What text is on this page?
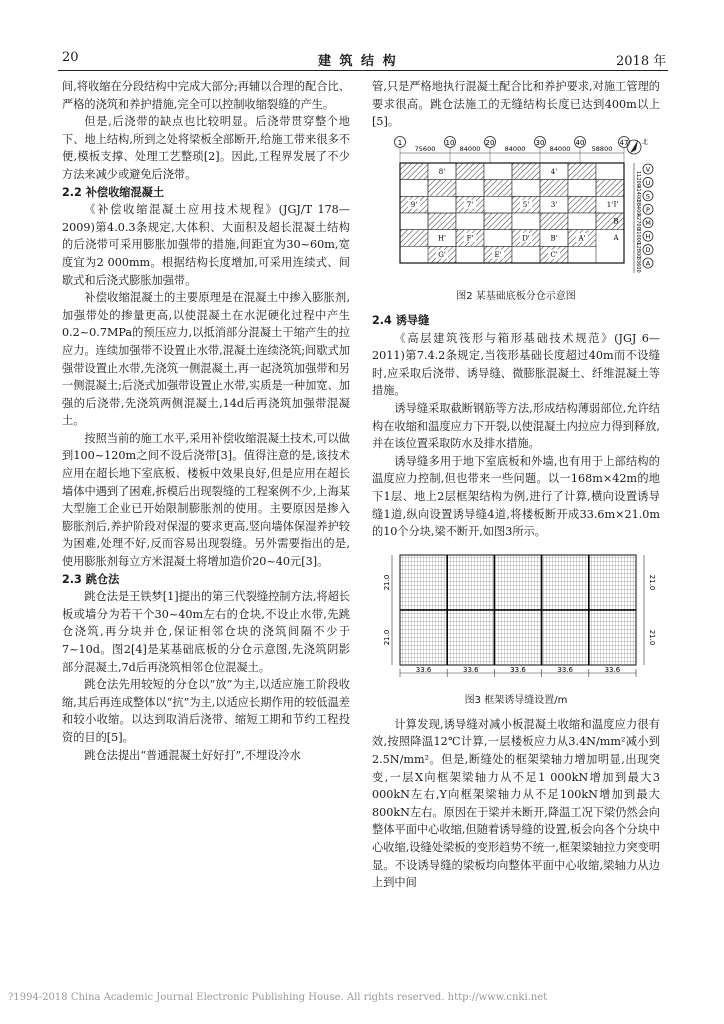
20	建 筑 结 构	2018 年

间,将收缩在分段结构中完成大部分;再辅以合理的配合比、严格的浇筑和养护措施,完全可以控制收缩裂缝的产生。

但是,后浇带的缺点也比较明显。后浇带贯穿整个地下、地上结构,所到之处将梁板全部断开,给施工带来很多不便,模板支撑、处理工艺整琐[2]。因此,工程界发展了不少方法来减少或避免后浇带。

2.2 补偿收缩混凝土

《补偿收缩混凝土应用技术规程》(JGJ/T 178—2009)第4.0.3条规定,大体积、大面积及超长混凝土结构的后浇带可采用膨胀加强带的措施,间距宜为30~60m,宽度宜为2 000mm。根据结构长度增加,可采用连续式、间歇式和后浇式膨胀加强带。

补偿收缩混凝土的主要原理是在混凝土中掺入膨胀剂,加强带处的掺量更高,以使混凝土在水泥硬化过程中产生0.2~0.7MPa的预压应力,以抵消部分混凝土干缩产生的拉应力。连续加强带不设置止水带,混凝土连续浇筑;间歇式加强带设置止水带,先浇筑一侧混凝土,再一起浇筑加强带和另一侧混凝土;后浇式加强带设置止水带,实质是一种加宽、加强的后浇带,先浇筑两侧混凝土,14d后再浇筑加强带混凝土。

按照当前的施工水平,采用补偿收缩混凝土技术,可以做到100~120m之间不设后浇带[3]。值得注意的是,该技术应用在超长地下室底板、楼板中效果良好,但是应用在超长墙体中遇到了困难,拆模后出现裂缝的工程案例不少,上海某大型施工企业已开始限制膨胀剂的使用。主要原因是掺入膨胀剂后,养护阶段对保湿的要求更高,竖向墙体保湿养护较为困难,处理不好,反而容易出现裂缝。另外需要指出的是,使用膨胀剂每立方米混凝土将增加造价20~40元[3]。

2.3 跳仓法

跳仓法是王铁梦[1]提出的第三代裂缝控制方法,将超长板或墙分为若干个30~40m左右的仓块,不设止水带,先跳仓浇筑,再分块并仓,保证相邻仓块的浇筑间隔不少于7~10d。图2[4]是某基础底板的分仓示意图,先浇筑阴影部分混凝土,7d后再浇筑相邻仓位混凝土。

跳仓法先用较短的分仓以“放”为主,以适应施工阶段收缩,其后再连成整体以“抗”为主,以适应长期作用的较低温差和较小收缩。以达到取消后浇带、缩短工期和节约工程投资的目的[5]。

跳仓法提出“普通混凝土好好打”,不埋设冷水

管,只是严格地执行混凝土配合比和养护要求,对施工管理的要求很高。跳仓法施工的无缝结构长度已达到400m以上[5]。

1	10	20	30	40	47
75600	84000	84000	84000	58800
8'	4'
9'	7'	5'	3'	1'
H'	F'	D'	B'	A'
G'	E'	C'
I'
B
A
V
U
S
P
M
H
D
A
11200
41400
38400
42700
31000
12800
33600
北
图2 某基础底板分仓示意图
2.4 诱导缝

《高层建筑筏形与箱形基础技术规范》(JGJ 6—2011)第7.4.2条规定,当筏形基础长度超过40m而不设缝时,应采取后浇带、诱导缝、微膨胀混凝土、纤维混凝土等措施。

诱导缝采取截断钢筋等方法,形成结构薄弱部位,允许结构在收缩和温度应力下开裂,以使混凝土内拉应力得到释放,并在该位置采取防水及排水措施。

诱导缝多用于地下室底板和外墙,也有用于上部结构的温度应力控制,但也带来一些问题。以一168m×42m的地下1层、地上2层框架结构为例,进行了计算,横向设置诱导缝1道,纵向设置诱导缝4道,将楼板断开成33.6m×21.0m的10个分块,梁不断开,如图3所示。

33.6	33.6	33.6	33.6	33.6
21.0
21.0
21.0
21.0
图3 框架诱导缝设置/m

计算发现,诱导缝对减小板混凝土收缩和温度应力很有效,按照降温12℃计算,一层楼板应力从3.4N/mm²减小到2.5N/mm²。但是,断缝处的框架梁轴力增加明显,出现突变,一层X向框架梁轴力从不足1 000kN增加到最大3 000kN左右,Y向框架梁轴力从不足100kN增加到最大800kN左右。原因在于梁并未断开,降温工况下梁仍然会向整体平面中心收缩,但随着诱导缝的设置,板会向各个分块中心收缩,设缝处梁板的变形趋势不统一,框架梁轴拉力突变明显。不设诱导缝的梁板均向整体平面中心收缩,梁轴力从边上到中间

?1994-2018 China Academic Journal Electronic Publishing House. All rights reserved. http://www.cnki.net
